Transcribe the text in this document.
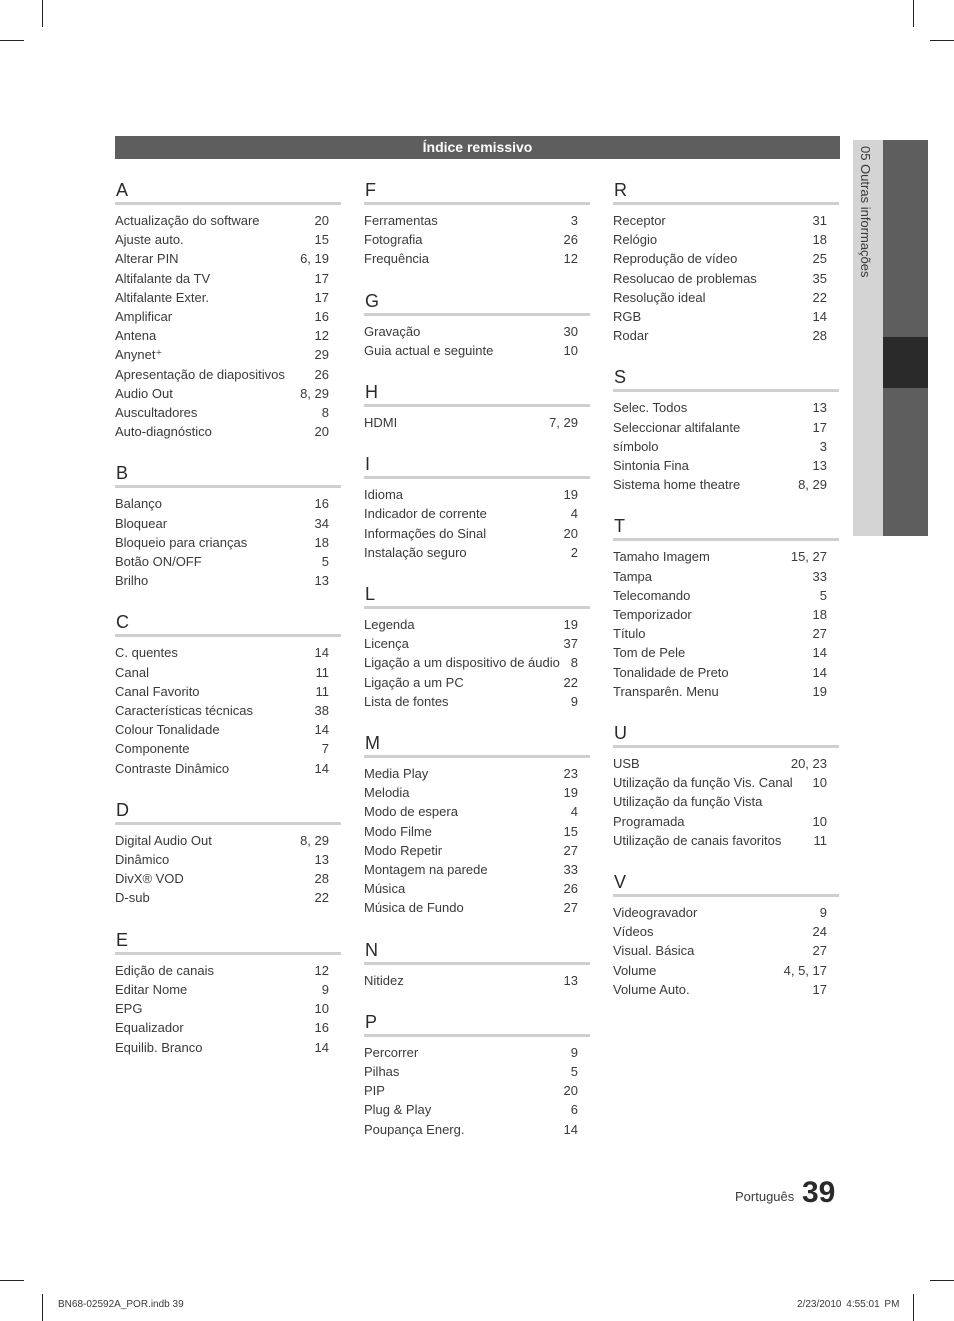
Índice remissivo	05 Outras informações
A
Actualização do software	20
Ajuste auto.	15
Alterar PIN	6, 19
Altifalante da TV	17
Altifalante Exter.	17
Amplificar	16
Antena	12
Anynet⁺	29
Apresentação de diapositivos	26
Audio Out	8, 29
Auscultadores	8
Auto-diagnóstico	20
B
Balanço	16
Bloquear	34
Bloqueio para crianças	18
Botão ON/OFF	5
Brilho	13
C
C. quentes	14
Canal	11
Canal Favorito	11
Características técnicas	38
Colour Tonalidade	14
Componente	7
Contraste Dinâmico	14
D
Digital Audio Out	8, 29
Dinâmico	13
DivX® VOD	28
D-sub	22
E
Edição de canais	12
Editar Nome	9
EPG	10
Equalizador	16
Equilib. Branco	14
F
Ferramentas	3
Fotografia	26
Frequência	12
G
Gravação	30
Guia actual e seguinte	10
H
HDMI	7, 29
I
Idioma	19
Indicador de corrente	4
Informações do Sinal	20
Instalação seguro	2
L
Legenda	19
Licença	37
Ligação a um dispositivo de áudio 8
Ligação a um PC	22
Lista de fontes	9
M
Media Play	23
Melodia	19
Modo de espera	4
Modo Filme	15
Modo Repetir	27
Montagem na parede	33
Música	26
Música de Fundo	27
N
Nitidez	13
P
Percorrer	9
Pilhas	5
PIP	20
Plug & Play	6
Poupança Energ.	14
R
Receptor	31
Relógio	18
Reprodução de vídeo	25
Resolucao de problemas	35
Resolução ideal	22
RGB	14
Rodar	28
S
Selec. Todos	13
Seleccionar altifalante	17
símbolo	3
Sintonia Fina	13
Sistema home theatre	8, 29
T
Tamaho Imagem	15, 27
Tampa	33
Telecomando	5
Temporizador	18
Título	27
Tom de Pele	14
Tonalidade de Preto	14
Transparên. Menu	19
U
USB	20, 23
Utilização da função Vis. Canal	10
Utilização da função Vista
Programada	10
Utilização de canais favoritos	11
V
Videogravador	9
Vídeos	24
Visual. Básica	27
Volume	4, 5, 17
Volume Auto.	17
Português 39
BN68-02592A_POR.indb 39	2/23/2010 4:55:01 PM
